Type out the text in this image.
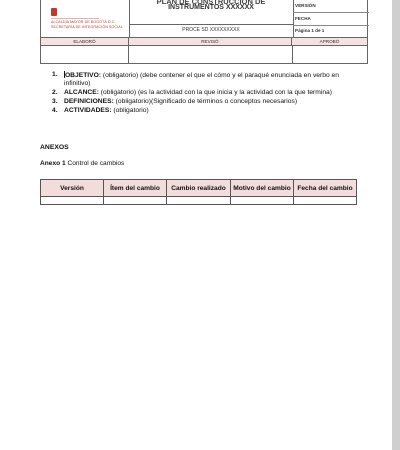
ALCALDÍA MAYOR DE BOGOTÁ D.C.
SECRETARÍA DE INTEGRACIÓN SOCIAL
PLAN DE CONSTRUCCION DE
INSTRUMENTOS XXXXXX
PROCE SD XXXXXXXXX
VERSIÓN
FECHA
Página 1 de 1
ELABORÓ	REVISÓ	APROBÓ
1. OBJETIVO: (obligatorio) (debe contener el que el cómo y el paraqué enunciada en verbo en infinitivo)
2. ALCANCE: (obligatorio) (es la actividad con la que inicia y la actividad con la que termina)
3. DEFINICIONES: (obligatorio)(Significado de términos o conceptos necesarios)
4. ACTIVIDADES: (obligatorio)
ANEXOS
Anexo 1 Control de cambios
Versión	Ítem del cambio	Cambio realizado	Motivo del cambio	Fecha del cambio
